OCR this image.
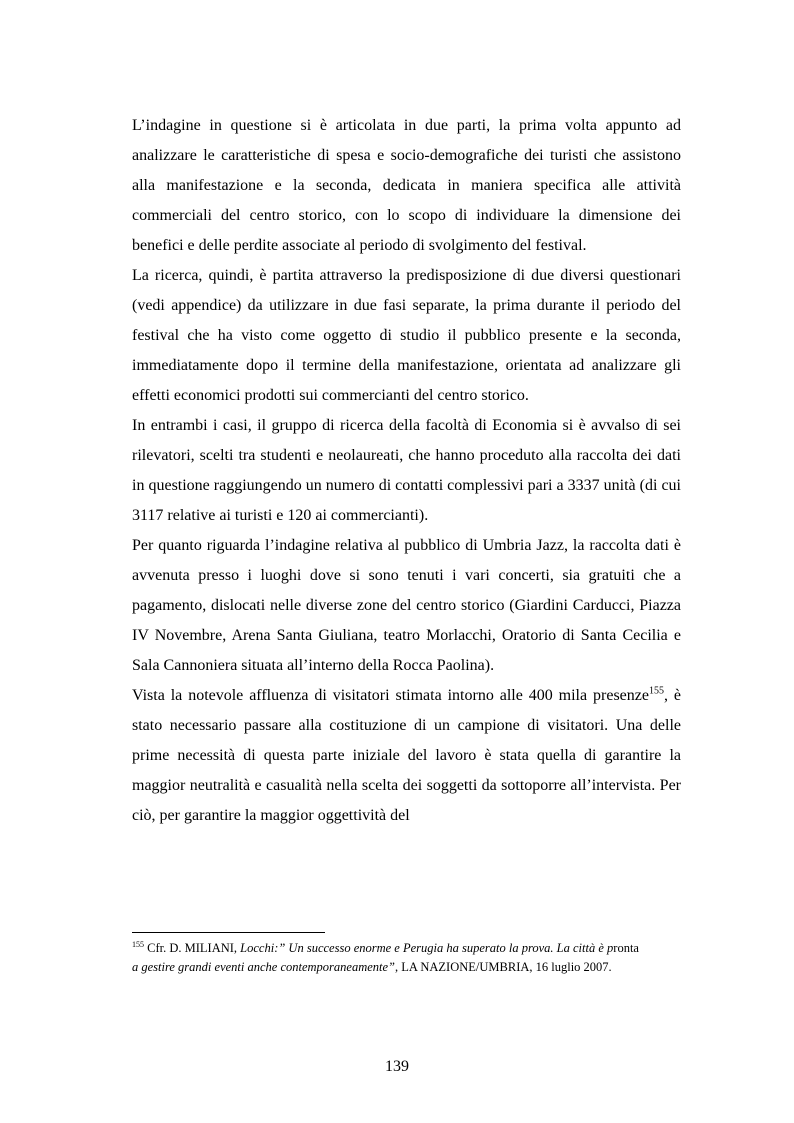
L’indagine in questione si è articolata in due parti, la prima volta appunto ad analizzare le caratteristiche di spesa e socio-demografiche dei turisti che assistono alla manifestazione e la seconda, dedicata in maniera specifica alle attività commerciali del centro storico, con lo scopo di individuare la dimensione dei benefici e delle perdite associate al periodo di svolgimento del festival.

La ricerca, quindi, è partita attraverso la predisposizione di due diversi questionari (vedi appendice) da utilizzare in due fasi separate, la prima durante il periodo del festival che ha visto come oggetto di studio il pubblico presente e la seconda, immediatamente dopo il termine della manifestazione, orientata ad analizzare gli effetti economici prodotti sui commercianti del centro storico.

In entrambi i casi, il gruppo di ricerca della facoltà di Economia si è avvalso di sei rilevatori, scelti tra studenti e neolaureati, che hanno proceduto alla raccolta dei dati in questione raggiungendo un numero di contatti complessivi pari a 3337 unità (di cui 3117 relative ai turisti e 120 ai commercianti).

Per quanto riguarda l’indagine relativa al pubblico di Umbria Jazz, la raccolta dati è avvenuta presso i luoghi dove si sono tenuti i vari concerti, sia gratuiti che a pagamento, dislocati nelle diverse zone del centro storico (Giardini Carducci, Piazza IV Novembre, Arena Santa Giuliana, teatro Morlacchi, Oratorio di Santa Cecilia e Sala Cannoniera situata all’interno della Rocca Paolina).

Vista la notevole affluenza di visitatori stimata intorno alle 400 mila presenze$^{155}$, è stato necessario passare alla costituzione di un campione di visitatori. Una delle prime necessità di questa parte iniziale del lavoro è stata quella di garantire la maggior neutralità e casualità nella scelta dei soggetti da sottoporre all’intervista. Per ciò, per garantire la maggior oggettività del

$^{155}$ Cfr. D. MILIANI, Locchi:” Un successo enorme e Perugia ha superato la prova. La città è pronta
a gestire grandi eventi anche contemporaneamente”, LA NAZIONE/UMBRIA, 16 luglio 2007.
139
